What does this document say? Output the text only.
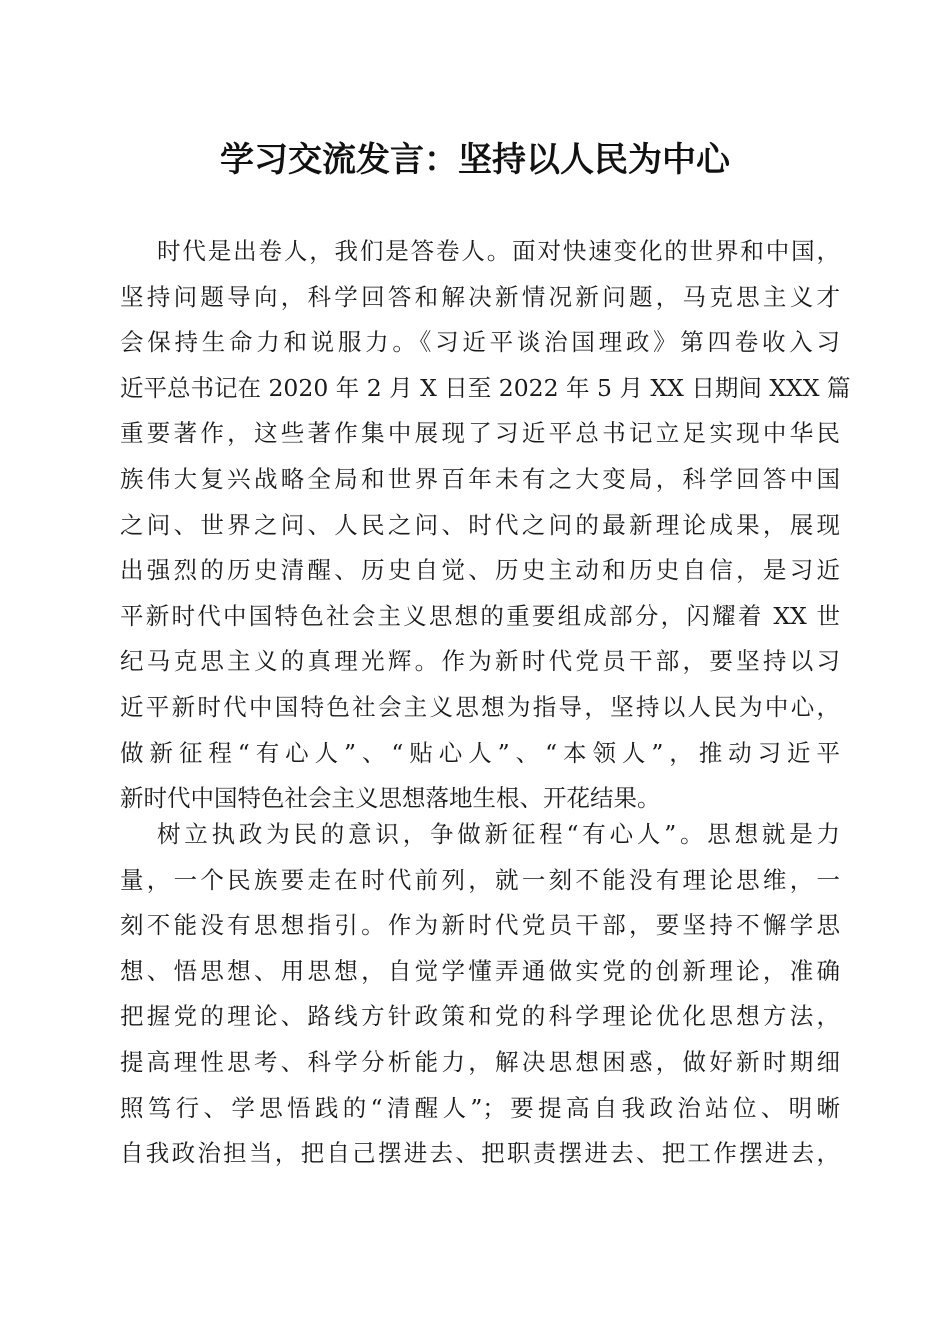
学习交流发言：坚持以人民为中心
时代是出卷人，我们是答卷人。面对快速变化的世界和中国，
坚持问题导向，科学回答和解决新情况新问题，马克思主义才
会保持生命力和说服力。《习近平谈治国理政》第四卷收入习
近平总书记在 2020 年 2 月 X 日至 2022 年 5 月 XX 日期间 XXX 篇
重要著作，这些著作集中展现了习近平总书记立足实现中华民
族伟大复兴战略全局和世界百年未有之大变局，科学回答中国
之问、世界之问、人民之问、时代之问的最新理论成果，展现
出强烈的历史清醒、历史自觉、历史主动和历史自信，是习近
平新时代中国特色社会主义思想的重要组成部分，闪耀着 XX 世
纪马克思主义的真理光辉。作为新时代党员干部，要坚持以习
近平新时代中国特色社会主义思想为指导，坚持以人民为中心，
做新征程“有心人”、“贴心人”、“本领人”，推动习近平
新时代中国特色社会主义思想落地生根、开花结果。
树立执政为民的意识，争做新征程“有心人”。思想就是力
量，一个民族要走在时代前列，就一刻不能没有理论思维，一
刻不能没有思想指引。作为新时代党员干部，要坚持不懈学思
想、悟思想、用思想，自觉学懂弄通做实党的创新理论，准确
把握党的理论、路线方针政策和党的科学理论优化思想方法，
提高理性思考、科学分析能力，解决思想困惑，做好新时期细
照笃行、学思悟践的“清醒人”；要提高自我政治站位、明晰
自我政治担当，把自己摆进去、把职责摆进去、把工作摆进去，
